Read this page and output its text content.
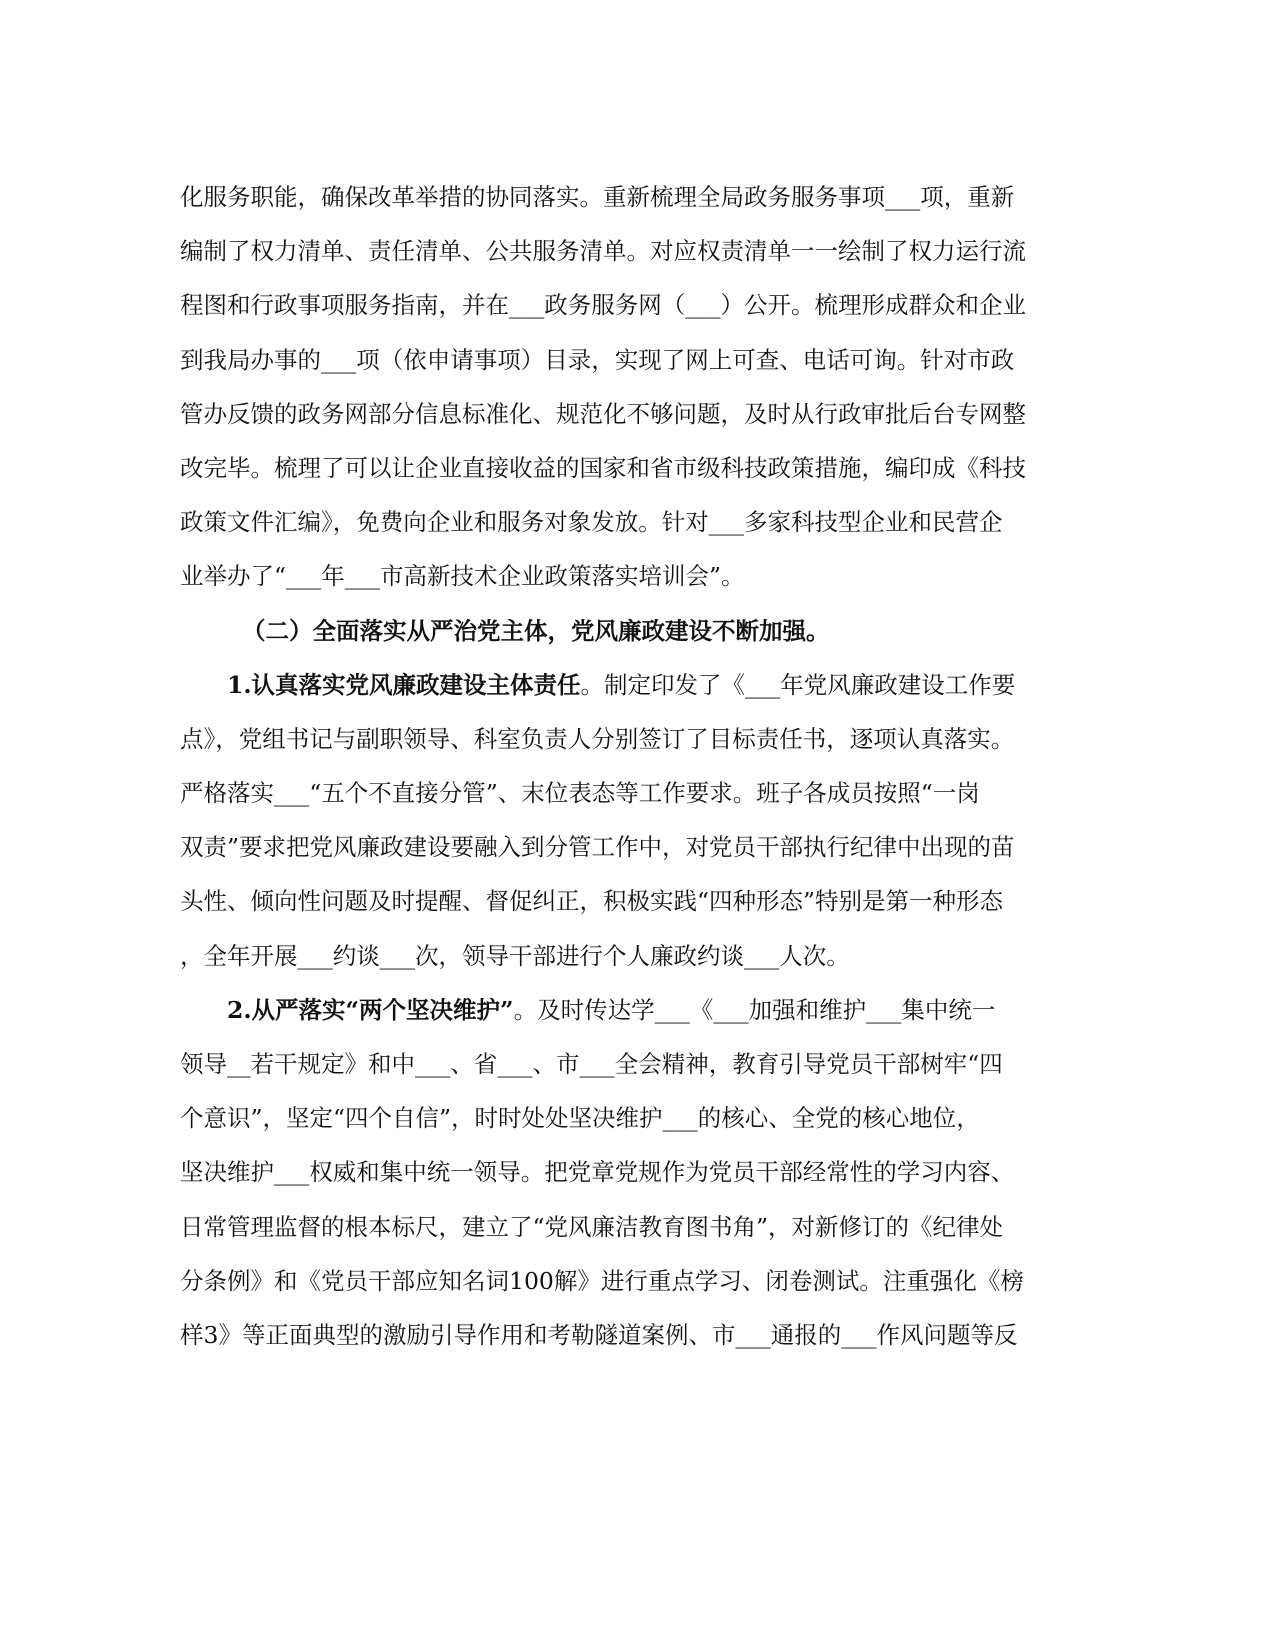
化服务职能，确保改革举措的协同落实。重新梳理全局政务服务事项___项，重新
编制了权力清单、责任清单、公共服务清单。对应权责清单一一绘制了权力运行流
程图和行政事项服务指南，并在___政务服务网（___）公开。梳理形成群众和企业
到我局办事的___项（依申请事项）目录，实现了网上可查、电话可询。针对市政
管办反馈的政务网部分信息标准化、规范化不够问题，及时从行政审批后台专网整
改完毕。梳理了可以让企业直接收益的国家和省市级科技政策措施，编印成《科技
政策文件汇编》，免费向企业和服务对象发放。针对___多家科技型企业和民营企
业举办了“___年___市高新技术企业政策落实培训会”。
（二）全面落实从严治党主体，党风廉政建设不断加强。
1.认真落实党风廉政建设主体责任。制定印发了《___年党风廉政建设工作要
点》，党组书记与副职领导、科室负责人分别签订了目标责任书，逐项认真落实。
严格落实___“五个不直接分管”、末位表态等工作要求。班子各成员按照“一岗
双责”要求把党风廉政建设要融入到分管工作中，对党员干部执行纪律中出现的苗
头性、倾向性问题及时提醒、督促纠正，积极实践“四种形态”特别是第一种形态
，全年开展___约谈___次，领导干部进行个人廉政约谈___人次。
2.从严落实“两个坚决维护”。及时传达学___《___加强和维护___集中统一
领导__若干规定》和中___、省___、市___全会精神，教育引导党员干部树牢“四
个意识”，坚定“四个自信”，时时处处坚决维护___的核心、全党的核心地位，
坚决维护___权威和集中统一领导。把党章党规作为党员干部经常性的学习内容、
日常管理监督的根本标尺，建立了“党风廉洁教育图书角”，对新修订的《纪律处
分条例》和《党员干部应知名词100解》进行重点学习、闭卷测试。注重强化《榜
样3》等正面典型的激励引导作用和考勒隧道案例、市___通报的___作风问题等反
